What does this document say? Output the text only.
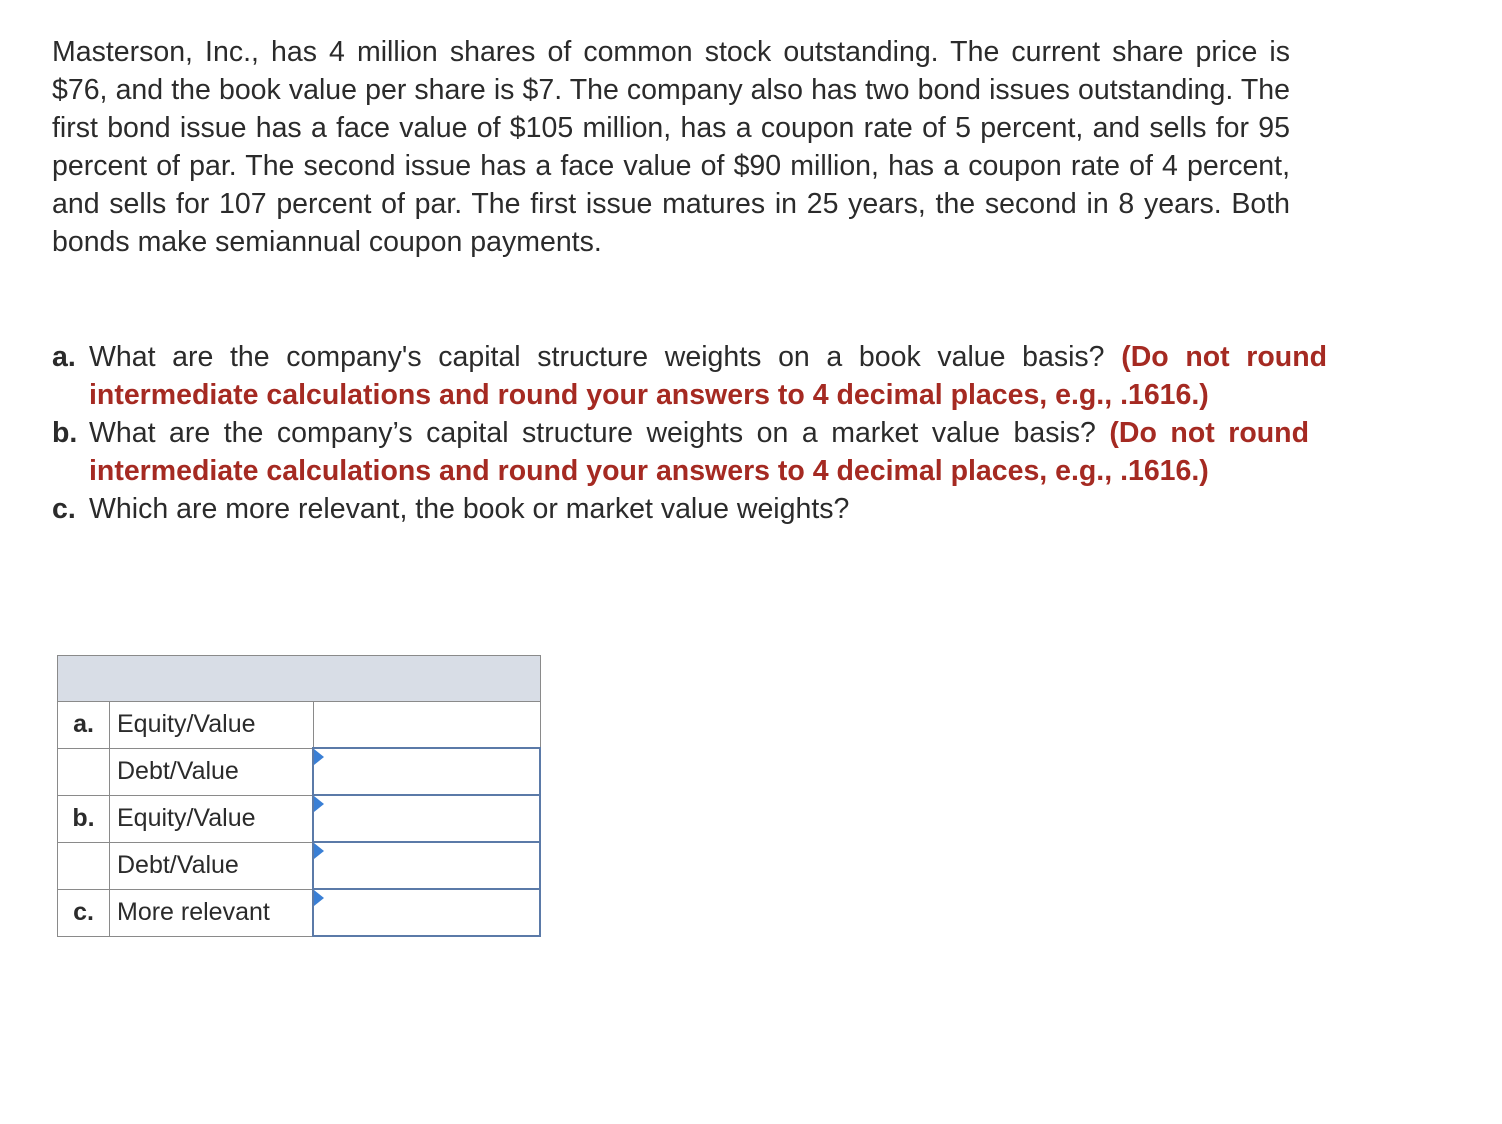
Masterson, Inc., has 4 million shares of common stock outstanding. The current share price is $76, and the book value per share is $7. The company also has two bond issues outstanding. The first bond issue has a face value of $105 million, has a coupon rate of 5 percent, and sells for 95 percent of par. The second issue has a face value of $90 million, has a coupon rate of 4 percent, and sells for 107 percent of par. The first issue matures in 25 years, the second in 8 years. Both bonds make semiannual coupon payments.

a. What are the company's capital structure weights on a book value basis? (Do not round intermediate calculations and round your answers to 4 decimal places, e.g., .1616.)
b. What are the company’s capital structure weights on a market value basis? (Do not round intermediate calculations and round your answers to 4 decimal places, e.g., .1616.)
c. Which are more relevant, the book or market value weights?

a.	Equity/Value	

	Debt/Value	

b.	Equity/Value	

	Debt/Value	

c.	More relevant	
